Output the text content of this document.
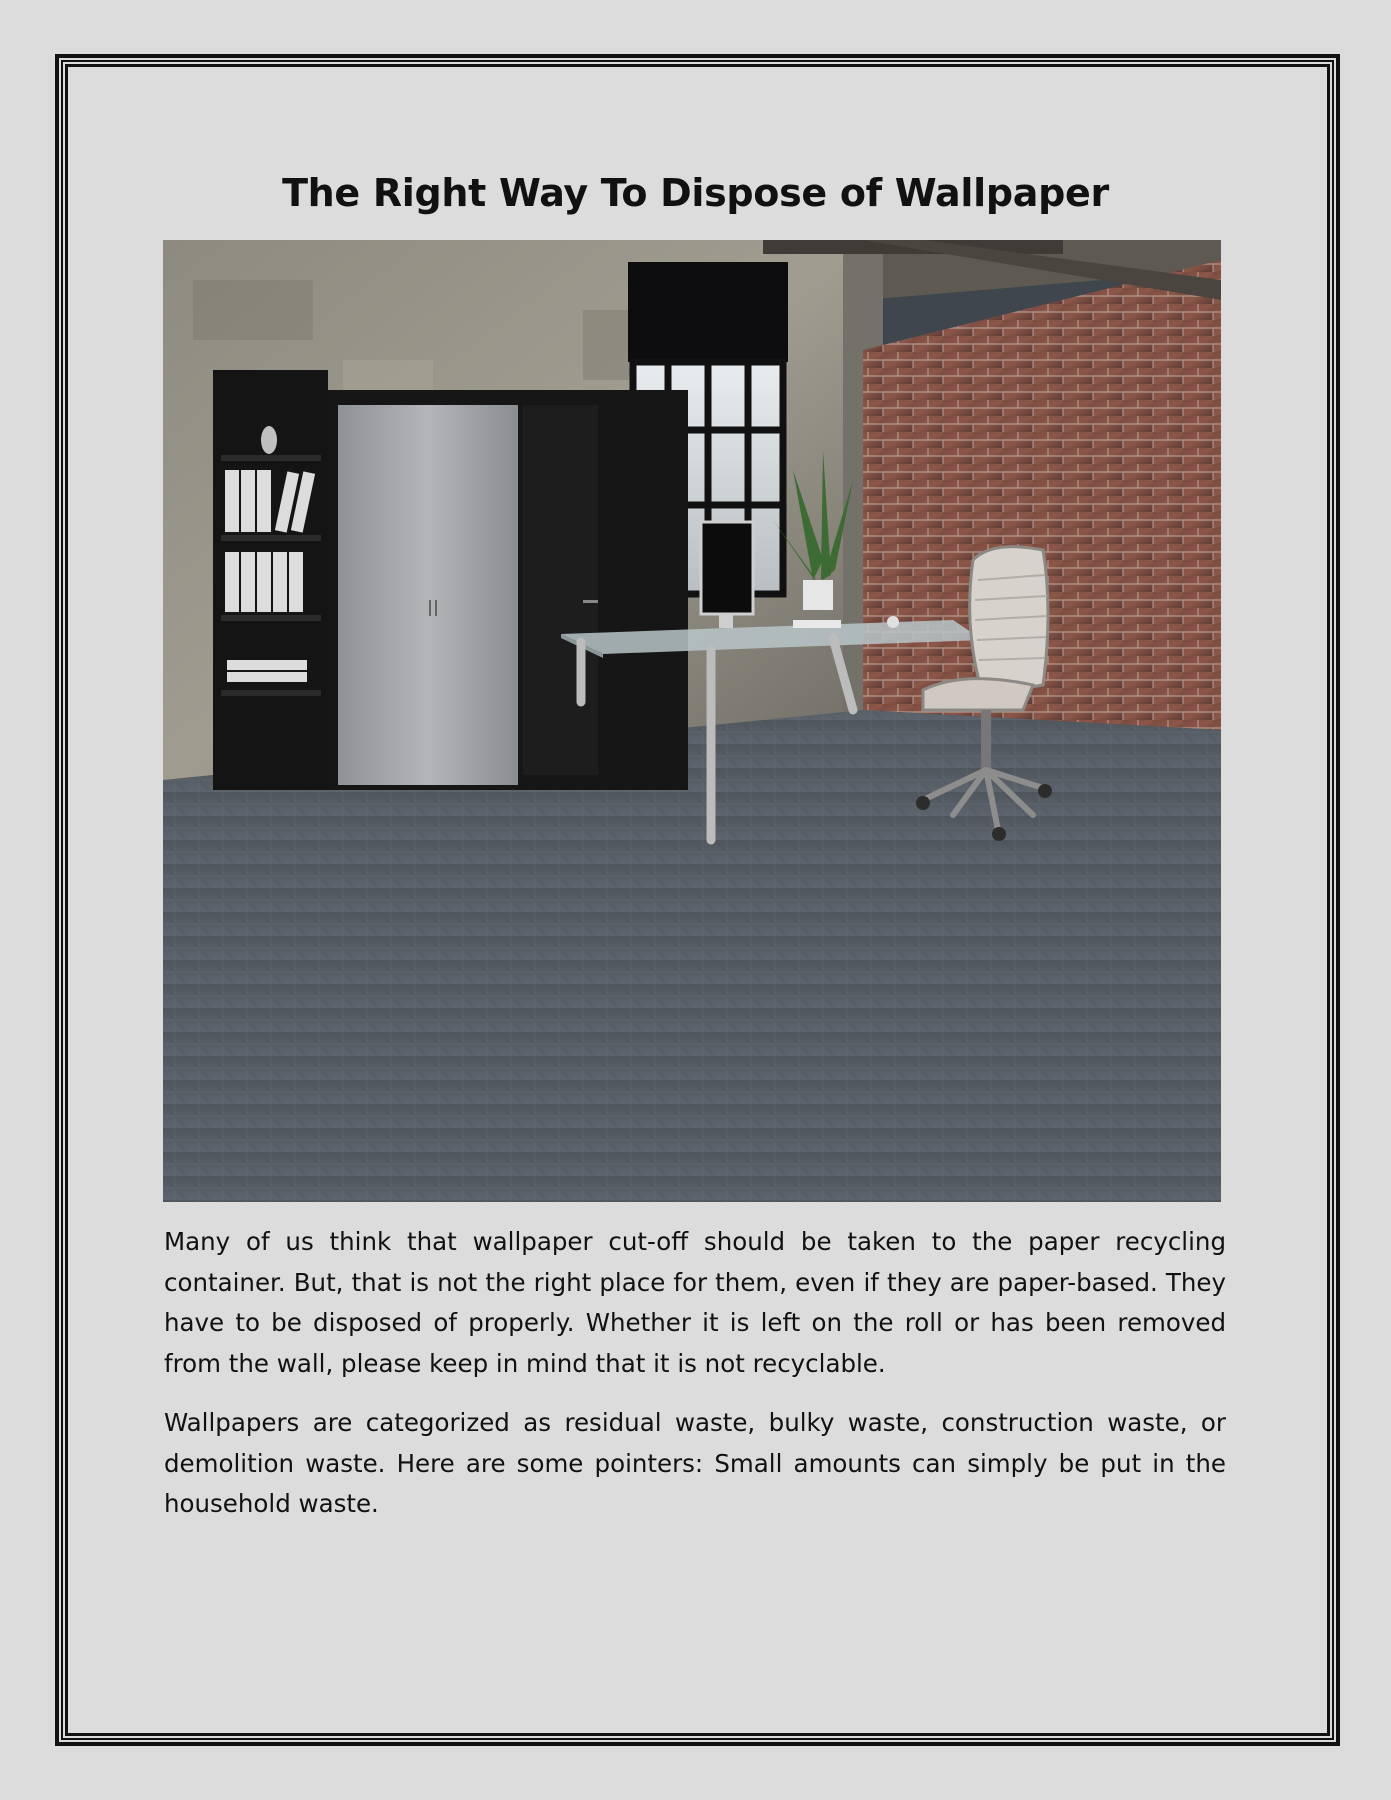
The Right Way To Dispose of Wallpaper

Many of us think that wallpaper cut-off should be taken to the paper recycling container. But, that is not the right place for them, even if they are paper-based. They have to be disposed of properly. Whether it is left on the roll or has been removed from the wall, please keep in mind that it is not recyclable.

Wallpapers are categorized as residual waste, bulky waste, construction waste, or demolition waste. Here are some pointers: Small amounts can simply be put in the household waste.
